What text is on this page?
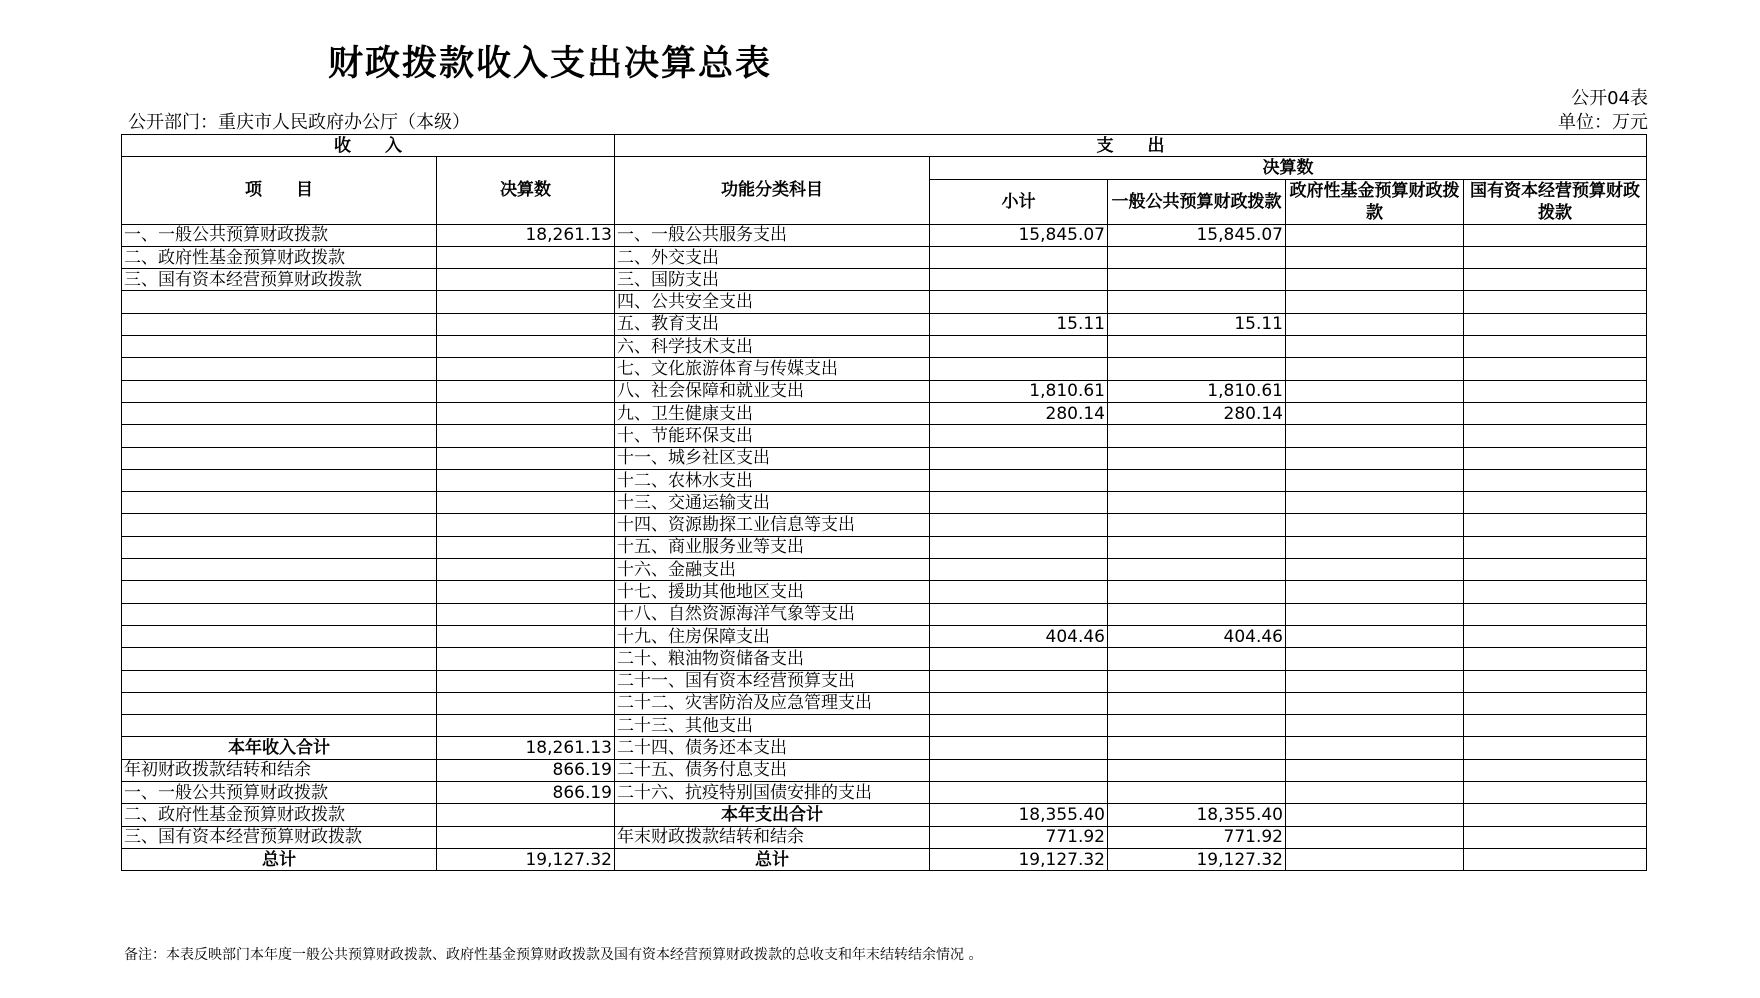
财政拨款收入支出决算总表
公开04表
公开部门：重庆市人民政府办公厅（本级）	单位：万元
收　　入		支　　出				
项　　目	决算数	功能分类科目	决算数			
			小计	一般公共预算财政拨款	政府性基金预算财政拨款	国有资本经营预算财政拨款

一、一般公共预算财政拨款	18,261.13	一、一般公共服务支出	15,845.07	15,845.07		
二、政府性基金预算财政拨款		二、外交支出				
三、国有资本经营预算财政拨款		三、国防支出				
		四、公共安全支出				
		五、教育支出	15.11	15.11		
		六、科学技术支出				
		七、文化旅游体育与传媒支出				
		八、社会保障和就业支出	1,810.61	1,810.61		
		九、卫生健康支出	280.14	280.14		
		十、节能环保支出				
		十一、城乡社区支出				
		十二、农林水支出				
		十三、交通运输支出				
		十四、资源勘探工业信息等支出				
		十五、商业服务业等支出				
		十六、金融支出				
		十七、援助其他地区支出				
		十八、自然资源海洋气象等支出				
		十九、住房保障支出	404.46	404.46		
		二十、粮油物资储备支出				
		二十一、国有资本经营预算支出				
		二十二、灾害防治及应急管理支出				
		二十三、其他支出				
本年收入合计	18,261.13	二十四、债务还本支出				
年初财政拨款结转和结余	866.19	二十五、债务付息支出				
一、一般公共预算财政拨款	866.19	二十六、抗疫特别国债安排的支出				
二、政府性基金预算财政拨款		本年支出合计	18,355.40	18,355.40		
三、国有资本经营预算财政拨款		年末财政拨款结转和结余	771.92	771.92		
总计	19,127.32	总计	19,127.32	19,127.32		
备注：本表反映部门本年度一般公共预算财政拨款、政府性基金预算财政拨款及国有资本经营预算财政拨款的总收支和年末结转结余情况 。
